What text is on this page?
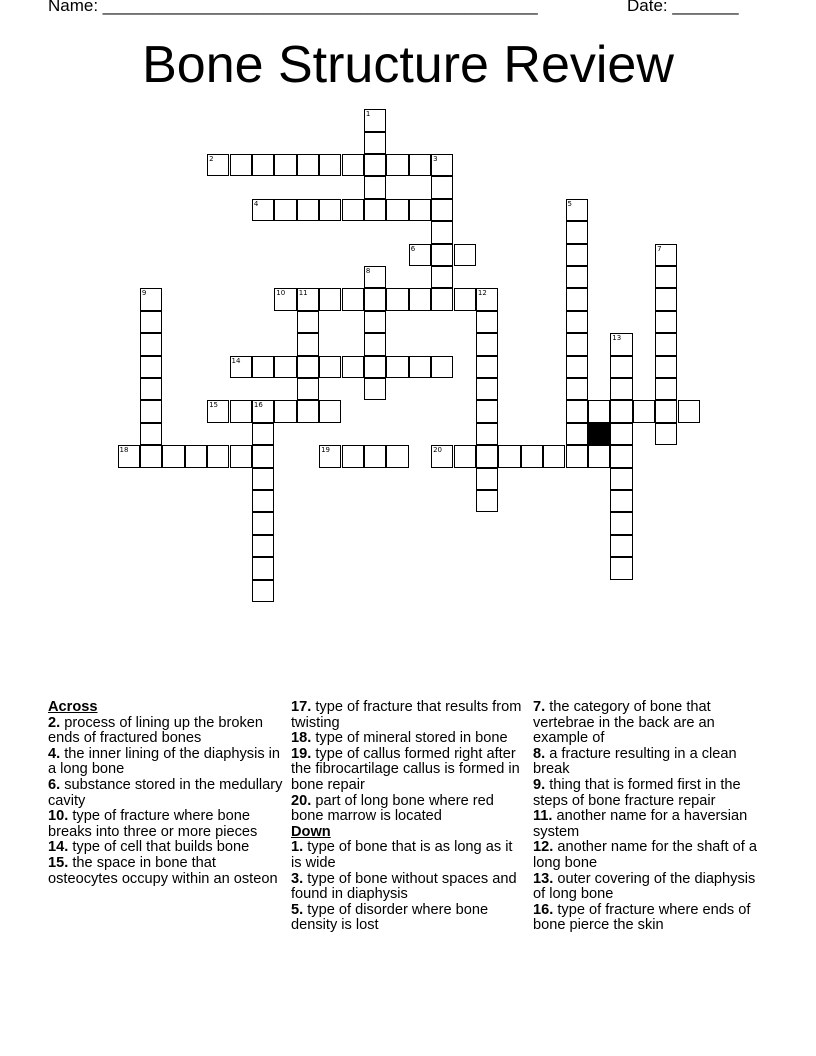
Name: ______________________________________________	Date: _______
Bone Structure Review
1
2	3
4	5
6	7
8
9	10 11	12
13
14
15	16
18	19	20
Across
2. process of lining up the broken ends of fractured bones
4. the inner lining of the diaphysis in a long bone
6. substance stored in the medullary cavity
10. type of fracture where bone breaks into three or more pieces
14. type of cell that builds bone
15. the space in bone that osteocytes occupy within an osteon
17. type of fracture that results from twisting
18. type of mineral stored in bone
19. type of callus formed right after the fibrocartilage callus is formed in bone repair
20. part of long bone where red bone marrow is located
Down
1. type of bone that is as long as it is wide
3. type of bone without spaces and found in diaphysis
5. type of disorder where bone density is lost
7. the category of bone that vertebrae in the back are an example of
8. a fracture resulting in a clean break
9. thing that is formed first in the steps of bone fracture repair
11. another name for a haversian system
12. another name for the shaft of a long bone
13. outer covering of the diaphysis of long bone
16. type of fracture where ends of bone pierce the skin
